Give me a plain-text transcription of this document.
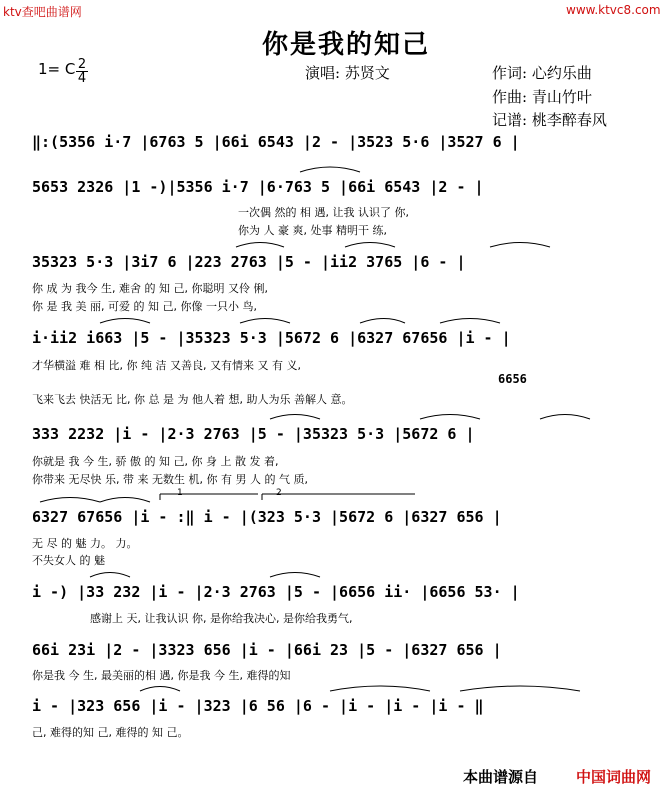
ktv查吧曲谱网	www.ktvc8.com
你是我的知己
1= C $\frac{2}{4}$	演唱: 苏贤文	作词: 心约乐曲
作曲: 青山竹叶
记谱: 桃李醉春风
‖:(5356 i·7 |6763 5 |66i 6543 |2 - |3523 5·6 |3527 6 |
5653 2326 |1 -)|5356 i·7 |6·763 5 |66i 6543 |2 - |
一次偶 然的 相 遇, 让我 认识了 你,
你为 人 豪 爽, 处事 精明干 练,
35323 5·3 |3i7 6 |223 2763 |5 - |ii2 3765 |6 - |
你 成 为 我今 生, 难舍 的 知 己, 你聪明 又伶 俐,
你 是 我 美 丽, 可爱 的 知 己, 你像 一只小 鸟,
i·ii2 i663 |5 - |35323 5·3 |5672 6 |6327 67656 |i - |
才华横溢 难 相 比, 你 纯 洁 又善良, 又有情来 又 有 义,
6656
飞来飞去 快活无 比, 你 总 是 为 他人着 想, 助人为乐 善解人 意。
333 2232 |i - |2·3 2763 |5 - |35323 5·3 |5672 6 |
你就是 我 今 生, 骄 傲 的 知 己, 你 身 上 散 发 着,
你带来 无尽快 乐, 带 来 无数生 机, 你 有 男 人 的 气 质,
1	2
6327 67656 |i - :‖ i - |(323 5·3 |5672 6 |6327 656 |
无 尽 的 魅 力。 力。
不失女人 的 魅
i -) |33 232 |i - |2·3 2763 |5 - |6656 ii· |6656 53· |
感谢上 天, 让我认识 你, 是你给我决心, 是你给我勇气,
66i 23i |2 - |3323 656 |i - |66i 23 |5 - |6327 656 |
你是我 今 生, 最美丽的相 遇, 你是我 今 生, 难得的知
i - |323 656 |i - |323 |6 56 |6 - |i - |i - |i - ‖
己, 难得的知 己, 难得的 知 己。
本曲谱源自	中国词曲网
